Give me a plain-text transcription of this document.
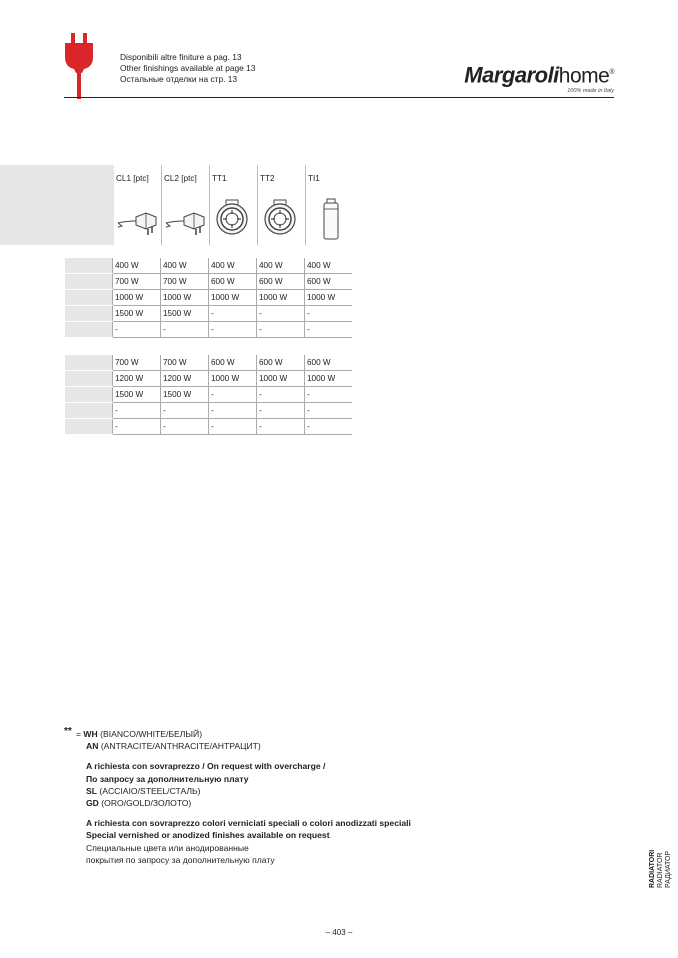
Disponibili altre finiture a pag. 13
Other finishings available at page 13
Остальные отделки на стр. 13	Margarolihome®
100% made in Italy
CL1 [ptc] CL2 [ptc] TT1	TT2	TI1
	400 W	400 W	400 W	400 W	400 W
	700 W	700 W	600 W	600 W	600 W
	1000 W	1000 W	1000 W	1000 W	1000 W
	1500 W	1500 W	-	-	-
	-	-	-	-	-
	700 W	700 W	600 W	600 W	600 W
	1200 W	1200 W	1000 W	1000 W	1000 W
	1500 W	1500 W	-	-	-
	-	-	-	-	-
	-	-	-	-	-
** = WH (BIANCO/WHITE/БЕЛЫЙ)
AN (ANTRACITE/ANTHRACITE/АНТРАЦИТ)
A richiesta con sovraprezzo / On request with overcharge /
По запросу за дополнительную плату
SL (ACCIAIO/STEEL/СТАЛЬ)
GD (ORO/GOLD/ЗОЛОТО)
A richiesta con sovraprezzo colori verniciati speciali o colori anodizzati speciali
Special vernished or anodized finishes available on request
Специальные цвета или анодированные
покрытия по запросу за дополнительную плату	RADIATORI RADIATOR РАДИАТОР
– 403 –
